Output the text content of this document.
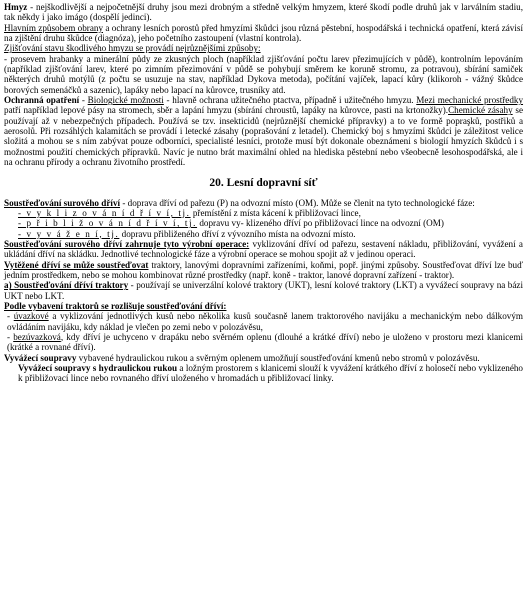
Hmyz - nejškodlivější a nejpočetnější druhy jsou mezi drobným a středně velkým hmyzem, které škodí podle druhů jak v larválním stadiu, tak někdy i jako imágo (dospělí jedinci).

Hlavním způsobem obrany a ochrany lesních porostů před hmyzími škůdci jsou různá pěstební, hospodářská i technická opatření, která závisí na zjištění druhu škůdce (diagnóza), jeho početního zastoupení (vlastní kontrola).

Zjišťování stavu škodlivého hmyzu se provádí nejrůznějšími způsoby:

- prosevem hrabanky a minerální půdy ze zkusných ploch (například zjišťování počtu larev přezimujících v půdě), kontrolním lepováním (například zjišťování larev, které po zimním přezimování v půdě se pohybují směrem ke koruně stromu, za potravou), sbírání samiček některých druhů motýlů (z počtu se usuzuje na stav, například Dykova metoda), počítání vajíček, lapací kůry (klikoroh - vážný škůdce borových semenáčků a sazenic), lapáky nebo lapací na kůrovce, trusníky atd.

Ochranná opatření - Biologické možnosti - hlavně ochrana užitečného ptactva, případně i užitečného hmyzu. Mezi mechanické prostředky patří například lepové pásy na stromech, sběr a lapání hmyzu (sbírání chroustů, lapáky na kůrovce, pasti na krtonožky).Chemické zásahy se používají až v nebezpečných případech. Používá se tzv. insekticidů (nejrůznější chemické přípravky) a to ve formě popraşků, postřiků a aerosolů. Při rozsáhlých kalamitách se provádí i letecké zásahy (poprašování z letadel). Chemický boj s hmyzími škůdci je záležitost velice složitá a mohou se s ním zabývat pouze odborníci, specialisté lesníci, protože musí být dokonale obeznámeni s biologií hmyzích škůdců i s možnostmi použití chemických přípravků. Navíc je nutno brát maximální ohled na hlediska pěstební nebo všeobecně lesohospodářská, ale i na ochranu přírody a ochranu životního prostředí.

20. Lesní dopravní síť

Soustřeďování surového dříví - doprava dříví od pařezu (P) na odvozní místo (OM). Může se členit na tyto technologické fáze:

- v y k l i z o v á n í d ř í v í, tj. přemístění z místa kácení k přibližovací lince,

- p ř i b l i ž o v á n í d ř í v í, tj. dopravu vy- klizeného dříví po přibližovací lince na odvozní (OM)

- v y v á ž e n í, tj. dopravu přibliženého dříví z vývozního místa na odvozní místo.

Soustřeďování surového dříví zahrnuje tyto výrobní operace: vyklizování dříví od pařezu, sestavení nákladu, přibližování, vyvážení a ukládání dříví na skládku. Jednotlivé technologické fáze a výrobní operace se mohou spojit až v jedinou operaci.

Vytěžené dříví se může soustřeďovat traktory, lanovými dopravními zařízeními, koňmi, popř. jinými způsoby. Soustřeďovat dříví lze buď jedním prostředkem, nebo se mohou kombinovat různé prostředky (např. koně - traktor, lanové dopravní zařízení - traktor).

a) Soustřeďování dříví traktory - používají se univerzální kolové traktory (UKT), lesní kolové traktory (LKT) a vyvážecí soupravy na bázi UKT nebo LKT.

Podle vybavení traktorů se rozlišuje soustřeďování dříví:

- úvazkové a vyklizování jednotlivých kusů nebo několika kusů současně lanem traktorového navijáku a mechanickým nebo dálkovým ovládáním navijáku, kdy náklad je vlečen po zemi nebo v polozávěsu,

- bezúvazková, kdy dříví je uchyceno v drapáku nebo svěrném oplenu (dlouhé a krátké dříví) nebo je uloženo v prostoru mezi klanicemi (krátké a rovnané dříví).

Vyvážecí soupravy vybavené hydraulickou rukou a svěrným oplenem umožňují soustřeďování kmenů nebo stromů v polozávěsu.

Vyvážecí soupravy s hydraulickou rukou a ložným prostorem s klanicemi slouží k vyvážení krátkého dříví z holosečí nebo vyklizeného k přibližovací lince nebo rovnaného dříví uloženého v hromadách u přibližovací linky.
